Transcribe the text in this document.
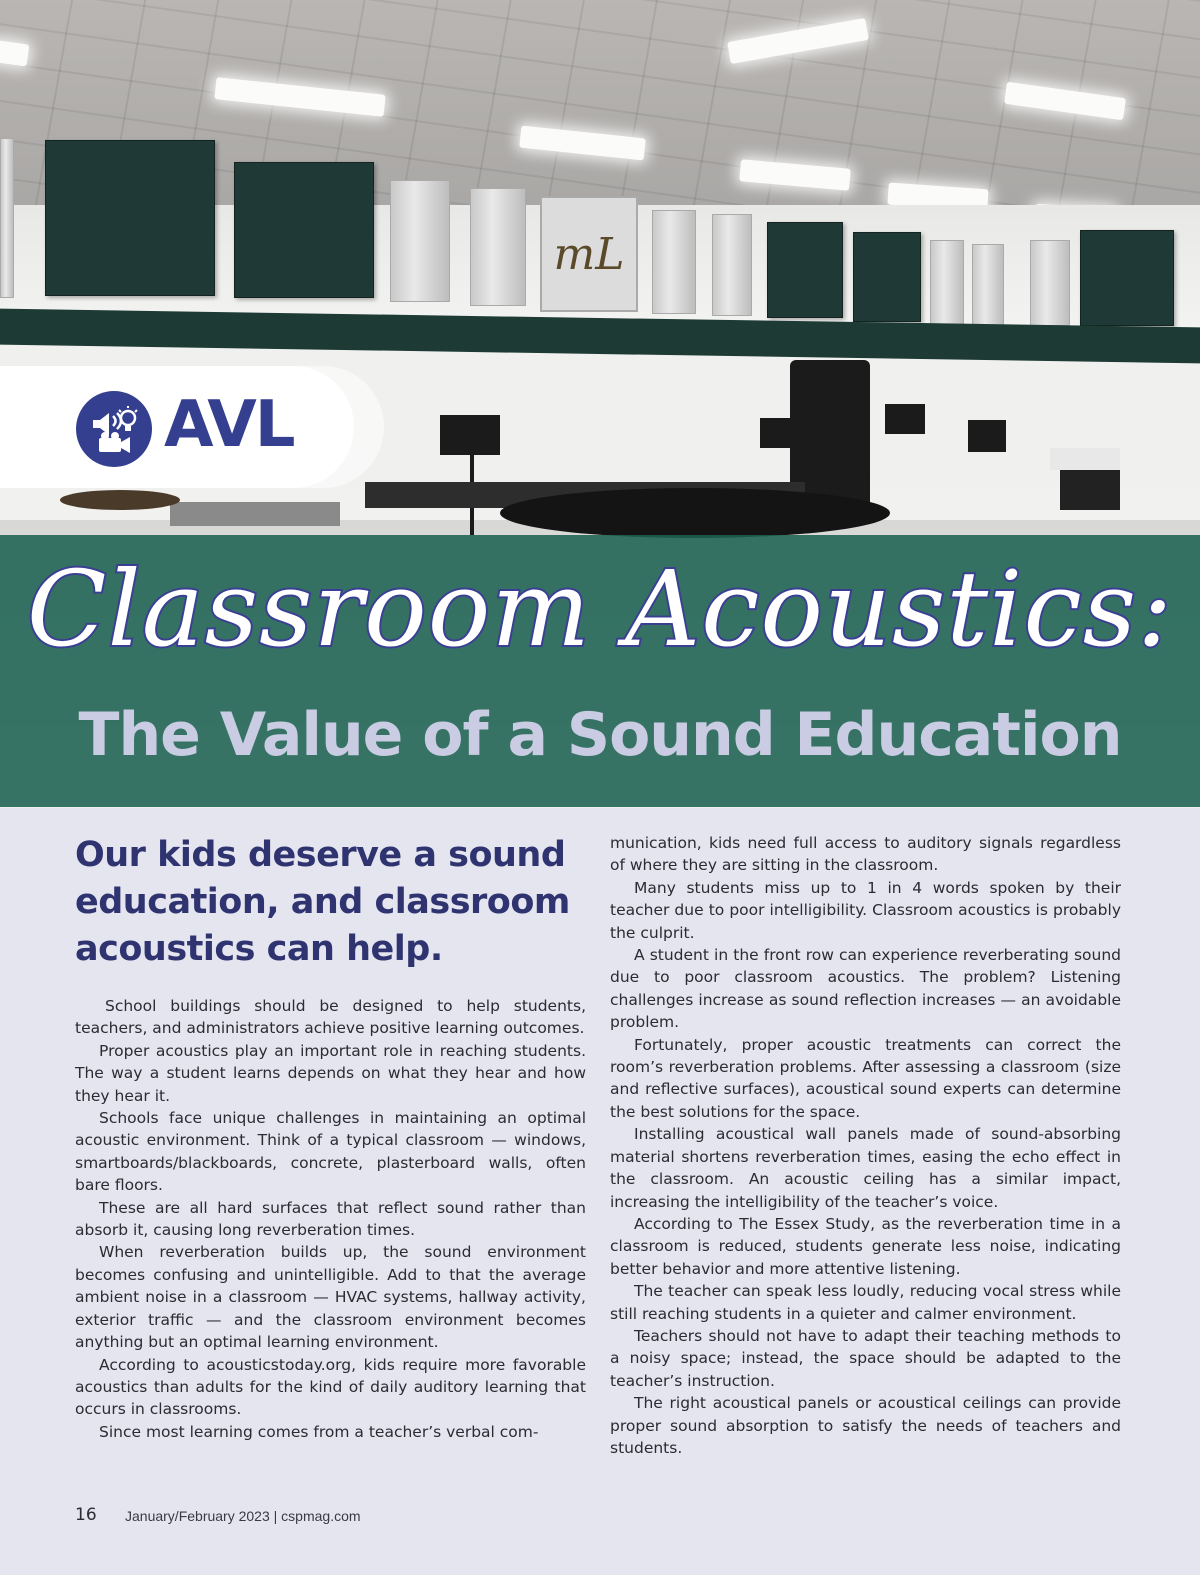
mL
AVL
Classroom Acoustics:
The Value of a Sound Education
Our kids deserve a sound education, and classroom acoustics can help.

School buildings should be designed to help students, teachers, and administrators achieve positive learning outcomes.

Proper acoustics play an important role in reaching students. The way a student learns depends on what they hear and how they hear it.

Schools face unique challenges in maintaining an optimal acoustic environment. Think of a typical classroom — windows, smartboards/blackboards, concrete, plasterboard walls, often bare floors.

These are all hard surfaces that reflect sound rather than absorb it, causing long reverberation times.

When reverberation builds up, the sound environment becomes confusing and unintelligible. Add to that the average ambient noise in a classroom — HVAC systems, hallway activity, exterior traffic — and the classroom environment becomes anything but an optimal learning environment.

According to acousticstoday.org, kids require more favorable acoustics than adults for the kind of daily auditory learning that occurs in classrooms.

Since most learning comes from a teacher’s verbal com-

munication, kids need full access to auditory signals regardless of where they are sitting in the classroom.

Many students miss up to 1 in 4 words spoken by their teacher due to poor intelligibility. Classroom acoustics is probably the culprit.

A student in the front row can experience reverberating sound due to poor classroom acoustics. The problem? Listening challenges increase as sound reflection increases — an avoidable problem.

Fortunately, proper acoustic treatments can correct the room’s reverberation problems. After assessing a classroom (size and reflective surfaces), acoustical sound experts can determine the best solutions for the space.

Installing acoustical wall panels made of sound-absorbing material shortens reverberation times, easing the echo effect in the classroom. An acoustic ceiling has a similar impact, increasing the intelligibility of the teacher’s voice.

According to The Essex Study, as the reverberation time in a classroom is reduced, students generate less noise, indicating better behavior and more attentive listening.

The teacher can speak less loudly, reducing vocal stress while still reaching students in a quieter and calmer environment.

Teachers should not have to adapt their teaching methods to a noisy space; instead, the space should be adapted to the teacher’s instruction.

The right acoustical panels or acoustical ceilings can provide proper sound absorption to satisfy the needs of teachers and students.

16 January/February 2023 | cspmag.com
